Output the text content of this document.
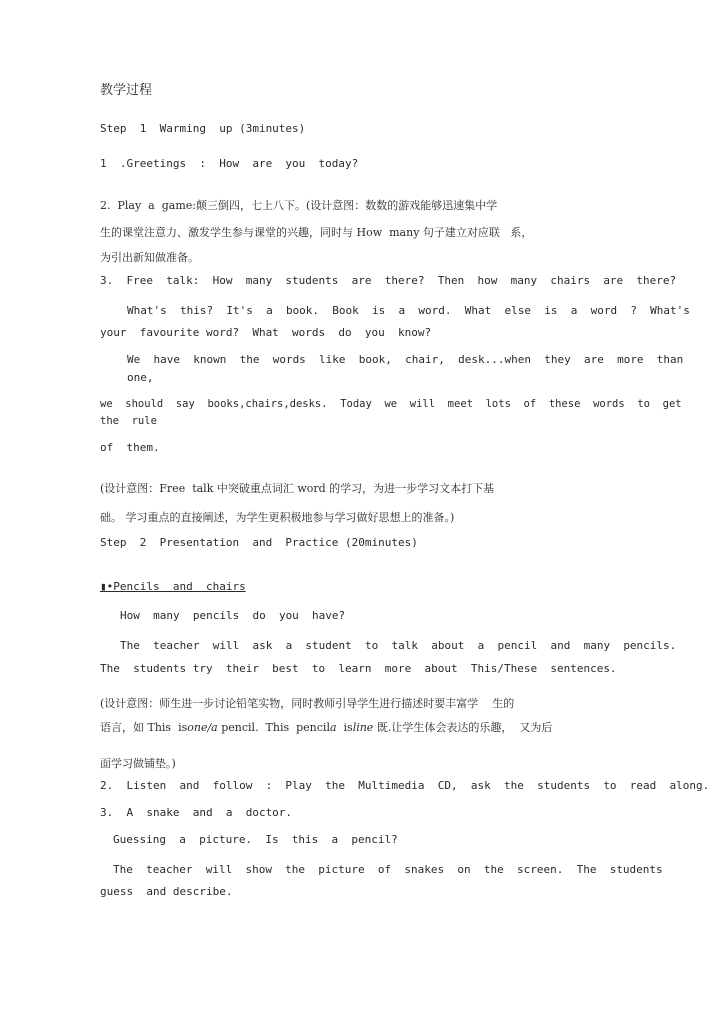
教学过程
Step  1  Warming  up (3minutes)
1  .Greetings  :  How  are  you  today?
2.  Play  a  game:颠三倒四，七上八下。(设计意图：数数的游戏能够迅速集中学
生的课堂注意力、激发学生参与课堂的兴趣，同时与 How  many 句子建立对应联   系，
为引出新知做准备。
3.  Free  talk:  How  many  students  are  there?  Then  how  many  chairs  are  there?
What's  this?  It's  a  book.  Book  is  a  word.  What  else  is  a  word  ?  What's
your  favourite word?  What  words  do  you  know?
We  have  known  the  words  like  book,  chair,  desk...when  they  are  more  than
one,
we  should  say  books,chairs,desks.  Today  we  will  meet  lots  of  these  words  to  get
the  rule
of  them.
(设计意图：Free  talk 中突破重点词汇 word 的学习，为进一步学习文本打下基
础。 学习重点的直接阐述，为学生更积极地参与学习做好思想上的准备。)
Step  2  Presentation  and  Practice (20minutes)
▮•Pencils  and  chairs
How  many  pencils  do  you  have?
The  teacher  will  ask  a  student  to  talk  about  a  pencil  and  many  pencils.
The  students try  their  best  to  learn  more  about  This/These  sentences.
(设计意图：师生进一步讨论铅笔实物，同时教师引导学生进行描述时要丰富学    生的
语言，如 This  isone/a pencil.  This  pencila  isline 既.让学生体会表达的乐趣，  又为后
面学习做铺垫。)
2.  Listen  and  follow  :  Play  the  Multimedia  CD,  ask  the  students  to  read  along.
3.  A  snake  and  a  doctor.
Guessing  a  picture.  Is  this  a  pencil?
The  teacher  will  show  the  picture  of  snakes  on  the  screen.  The  students
guess  and describe.
